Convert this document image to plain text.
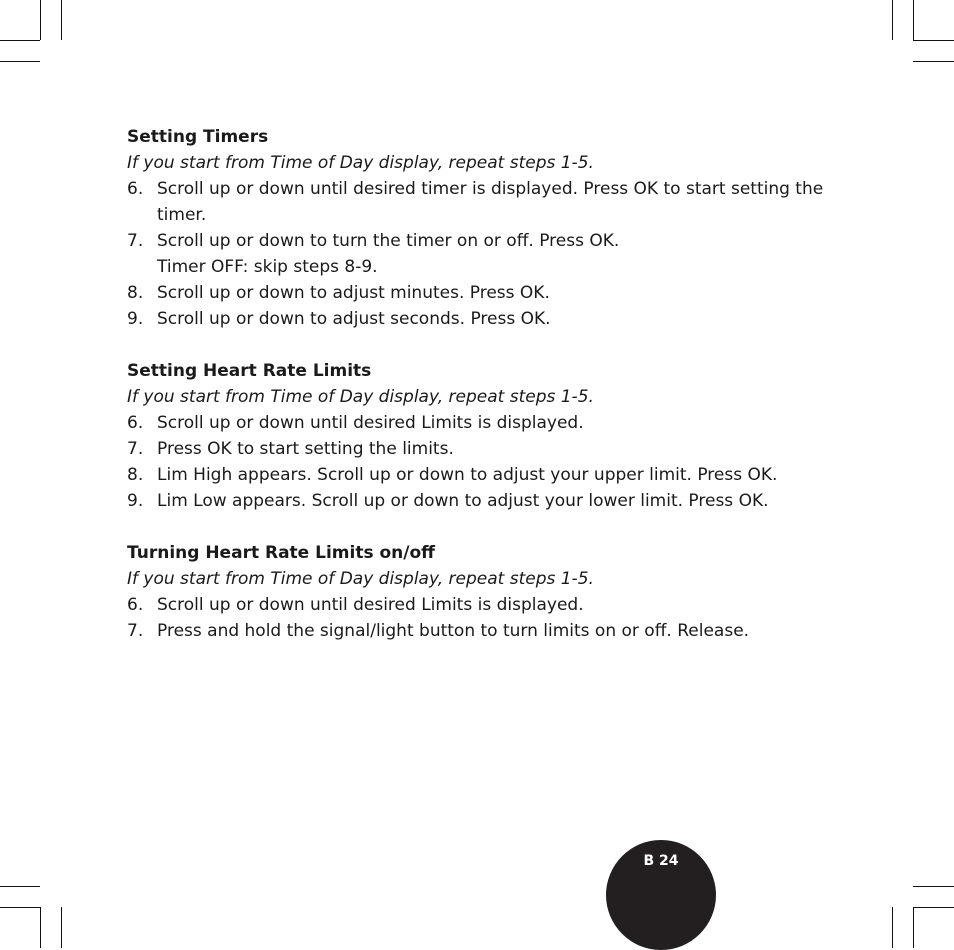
Setting Timers

If you start from Time of Day display, repeat steps 1-5.

6. Scroll up or down until desired timer is displayed. Press OK to start setting the timer.
7. Scroll up or down to turn the timer on or off. Press OK.
Timer OFF: skip steps 8-9.
8. Scroll up or down to adjust minutes. Press OK.
9. Scroll up or down to adjust seconds. Press OK.

Setting Heart Rate Limits

If you start from Time of Day display, repeat steps 1-5.

6. Scroll up or down until desired Limits is displayed.
7. Press OK to start setting the limits.
8. Lim High appears. Scroll up or down to adjust your upper limit. Press OK.
9. Lim Low appears. Scroll up or down to adjust your lower limit. Press OK.

Turning Heart Rate Limits on/off

If you start from Time of Day display, repeat steps 1-5.

6. Scroll up or down until desired Limits is displayed.
7. Press and hold the signal/light button to turn limits on or off. Release.
B 24
